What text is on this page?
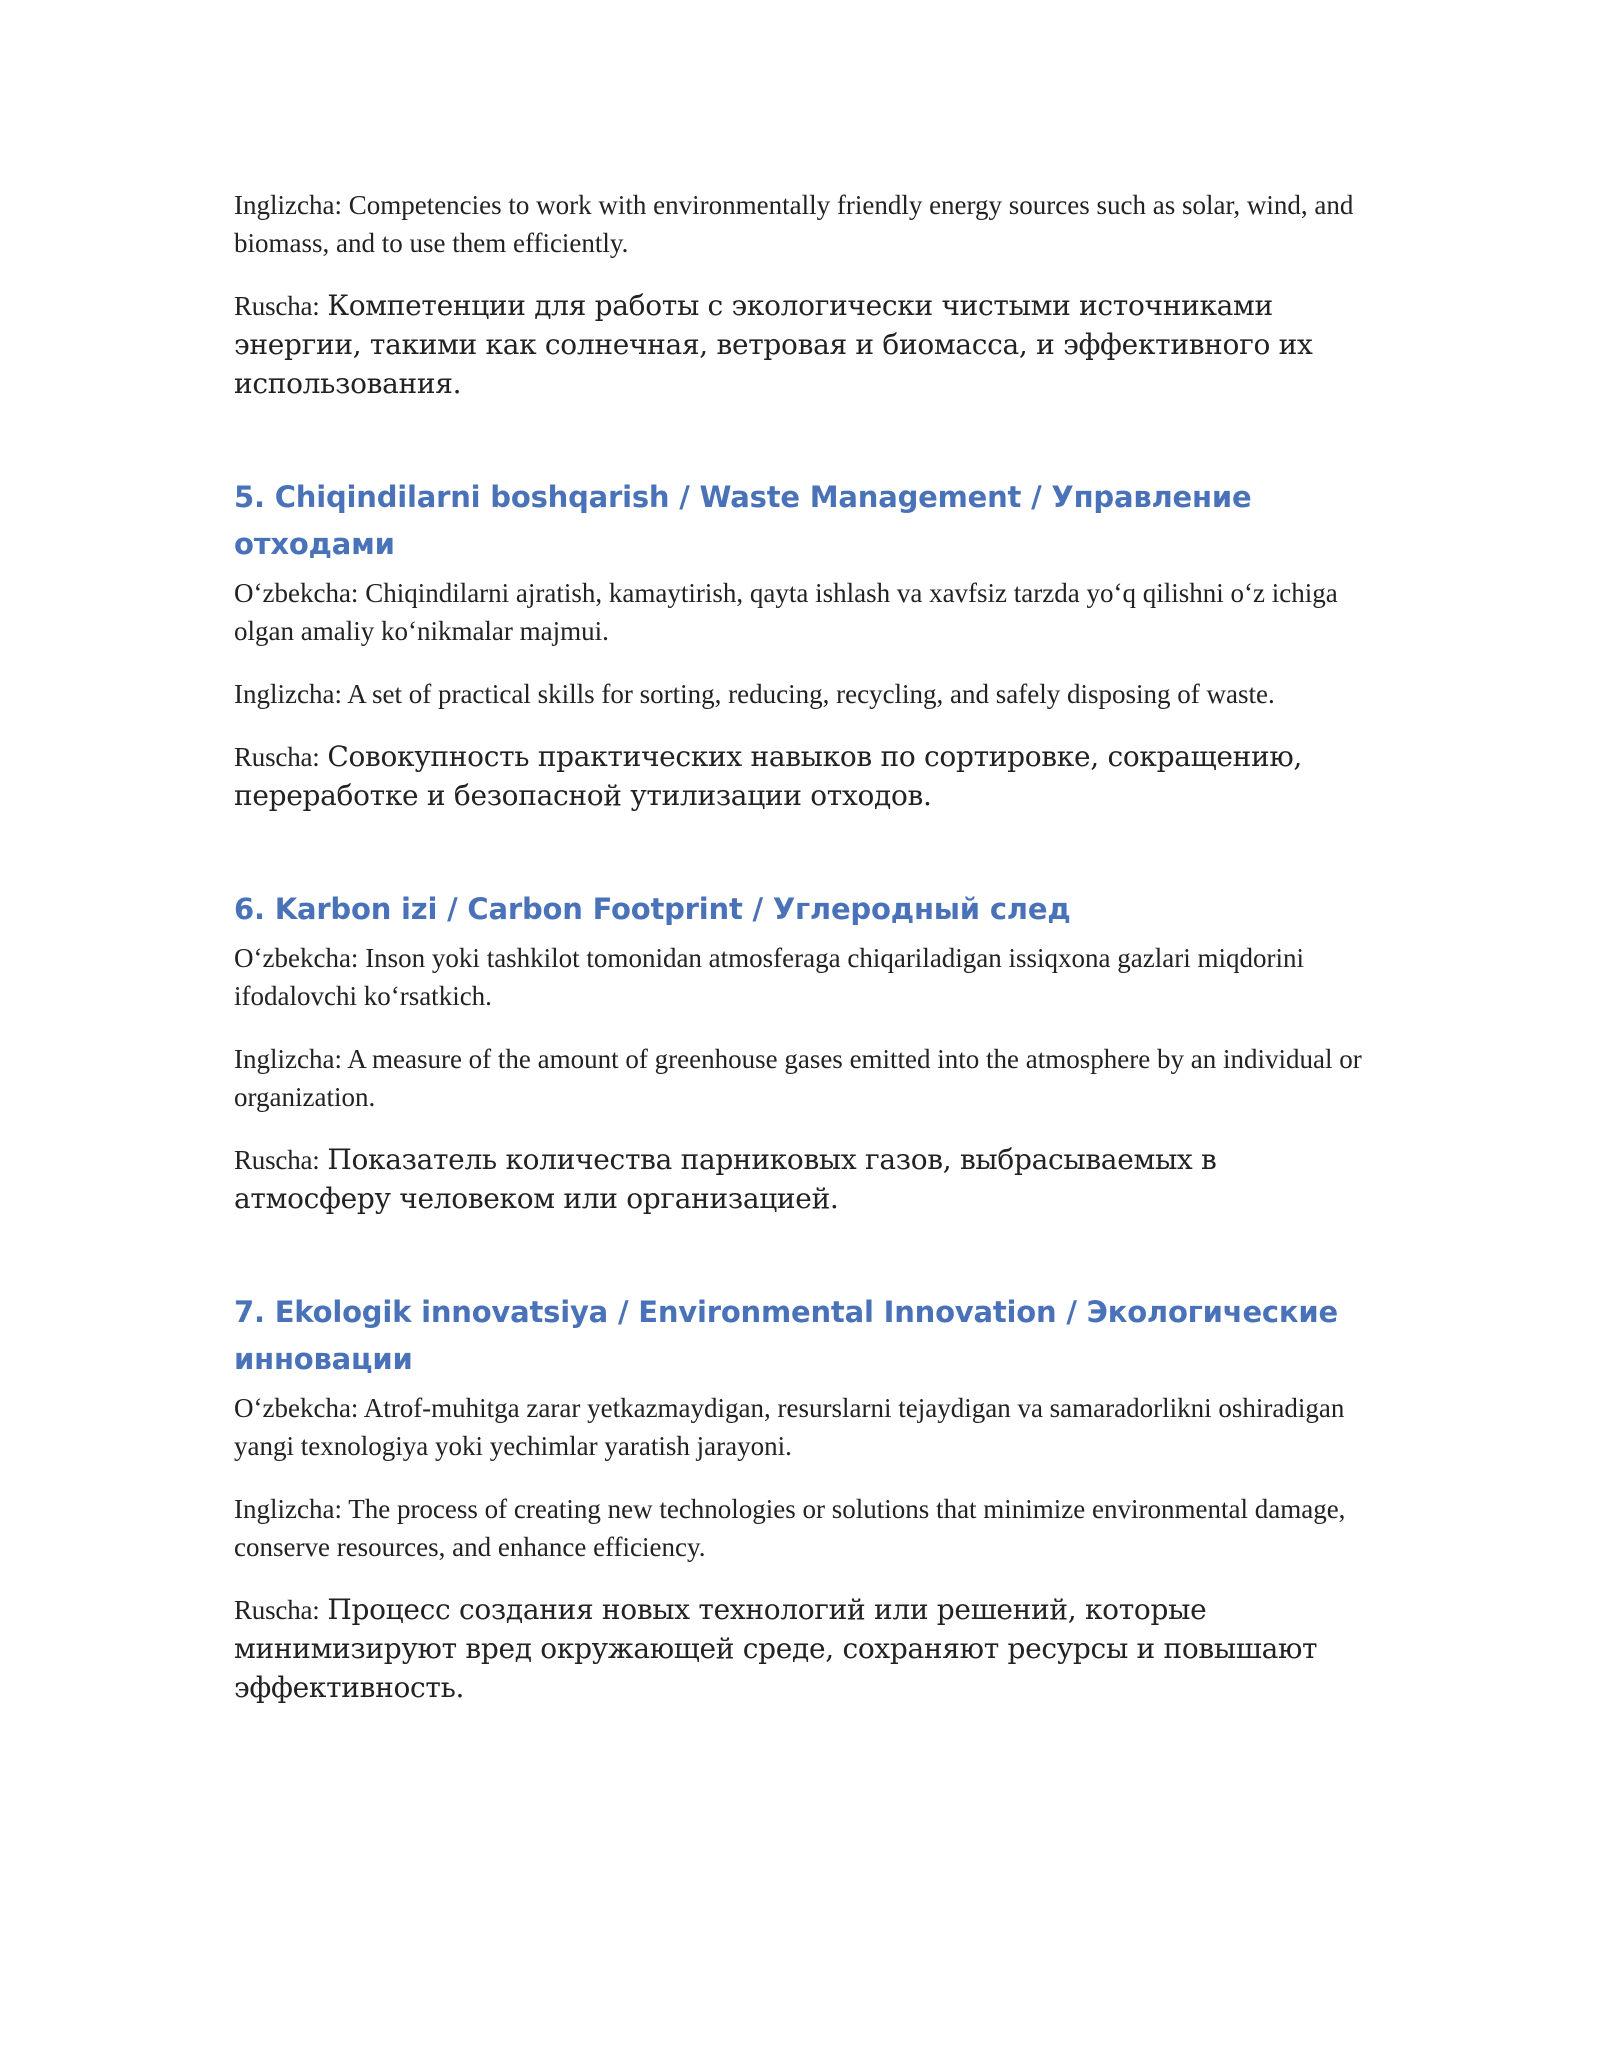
Inglizcha: Competencies to work with environmentally friendly energy sources such as solar, wind, and biomass, and to use them efficiently.

Ruscha: Компетенции для работы с экологически чистыми источниками энергии, такими как солнечная, ветровая и биомасса, и эффективного их использования.

5. Chiqindilarni boshqarish / Waste Management / Управление отходами

O‘zbekcha: Chiqindilarni ajratish, kamaytirish, qayta ishlash va xavfsiz tarzda yo‘q qilishni o‘z ichiga olgan amaliy ko‘nikmalar majmui.

Inglizcha: A set of practical skills for sorting, reducing, recycling, and safely disposing of waste.

Ruscha: Совокупность практических навыков по сортировке, сокращению, переработке и безопасной утилизации отходов.

6. Karbon izi / Carbon Footprint / Углеродный след

O‘zbekcha: Inson yoki tashkilot tomonidan atmosferaga chiqariladigan issiqxona gazlari miqdorini ifodalovchi ko‘rsatkich.

Inglizcha: A measure of the amount of greenhouse gases emitted into the atmosphere by an individual or organization.

Ruscha: Показатель количества парниковых газов, выбрасываемых в атмосферу человеком или организацией.

7. Ekologik innovatsiya / Environmental Innovation / Экологические инновации

O‘zbekcha: Atrof-muhitga zarar yetkazmaydigan, resurslarni tejaydigan va samaradorlikni oshiradigan yangi texnologiya yoki yechimlar yaratish jarayoni.

Inglizcha: The process of creating new technologies or solutions that minimize environmental damage, conserve resources, and enhance efficiency.

Ruscha: Процесс создания новых технологий или решений, которые минимизируют вред окружающей среде, сохраняют ресурсы и повышают эффективность.
